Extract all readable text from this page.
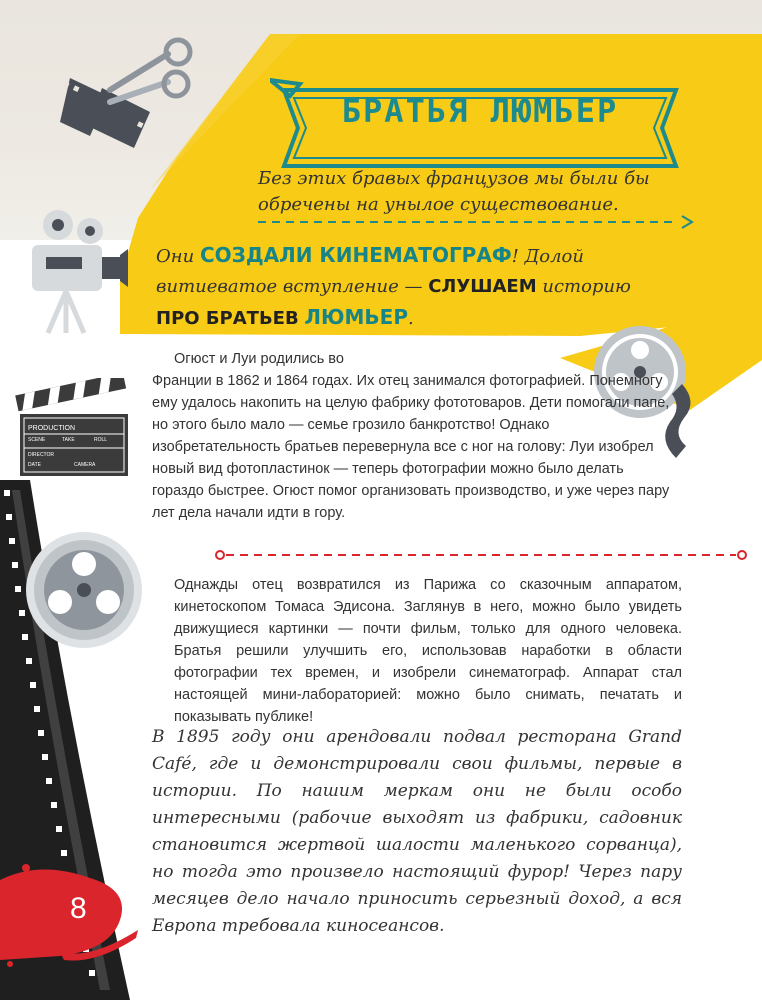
БРАТЬЯ ЛЮМЬЕР
Без этих бравых французов мы были бы обречены на унылое существование.
Они СОЗДАЛИ КИНЕМАТОГРАФ! Долой витиеватое вступление — СЛУШАЕМ историю ПРО БРАТЬЕВ ЛЮМЬЕР.
PRODUCTION
SCENE	TAKE	ROLL
DIRECTOR
DATE	CAMERA
Огюст и Луи родились во
Франции в 1862 и 1864 годах. Их отец занимался фотографией. Понемногу ему удалось накопить на целую фабрику фототоваров. Дети помогали папе, но этого было мало — семье грозило банкротство! Однако изобретательность братьев перевернула все с ног на голову: Луи изобрел новый вид фотопластинок — теперь фотографии можно было делать гораздо быстрее. Огюст помог организовать производство, и уже через пару лет дела начали идти в гору.
Однажды отец возвратился из Парижа со сказочным аппаратом, кинетоскопом Томаса Эдисона. Заглянув в него, можно было увидеть движущиеся картинки — почти фильм, только для одного человека. Братья решили улучшить его, использовав наработки в области фотографии тех времен, и изобрели синематограф. Аппарат стал настоящей мини-лабораторией: можно было снимать, печатать и показывать публике!
В 1895 году они арендовали подвал ресторана Grand Café, где и демонстрировали свои фильмы, первые в истории. По нашим меркам они не были особо интересными (рабочие выходят из фабрики, садовник становится жертвой шалости маленького сорванца), но тогда это произвело настоящий фурор! Через пару месяцев дело начало приносить серьезный доход, а вся Европа требовала киносеансов.
8
